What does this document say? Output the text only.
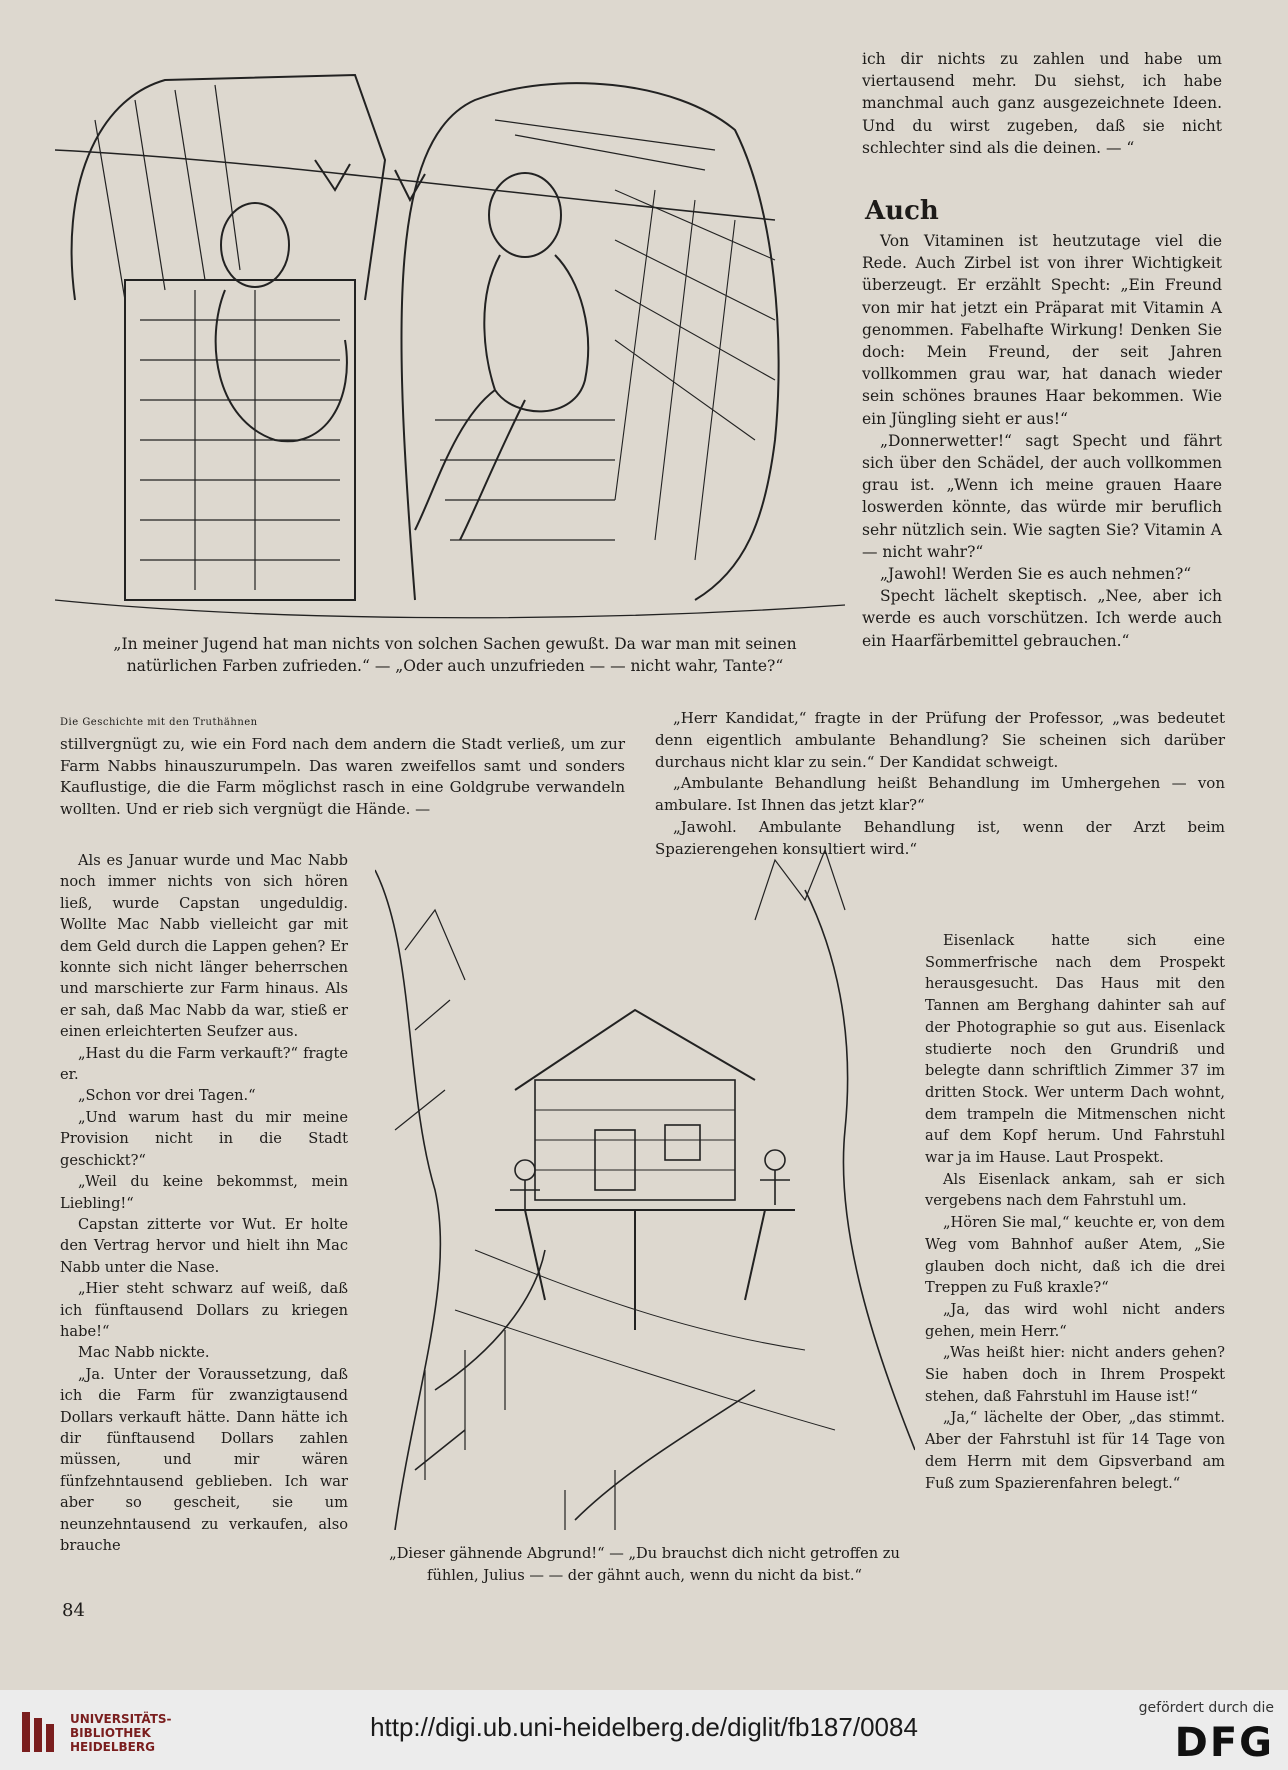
„In meiner Jugend hat man nichts von solchen Sachen gewußt. Da war man mit seinen natürlichen Farben zufrieden.“ — „Oder auch unzufrieden — — nicht wahr, Tante?“

ich dir nichts zu zahlen und habe um viertausend mehr. Du siehst, ich habe manchmal auch ganz ausgezeichnete Ideen. Und du wirst zugeben, daß sie nicht schlechter sind als die deinen. — “

Auch

Von Vitaminen ist heutzutage viel die Rede. Auch Zirbel ist von ihrer Wichtigkeit überzeugt. Er erzählt Specht: „Ein Freund von mir hat jetzt ein Präparat mit Vitamin A genommen. Fabelhafte Wirkung! Denken Sie doch: Mein Freund, der seit Jahren vollkommen grau war, hat danach wieder sein schönes braunes Haar bekommen. Wie ein Jüngling sieht er aus!“

„Donnerwetter!“ sagt Specht und fährt sich über den Schädel, der auch vollkommen grau ist. „Wenn ich meine grauen Haare loswerden könnte, das würde mir beruflich sehr nützlich sein. Wie sagten Sie? Vitamin A — nicht wahr?“

„Jawohl! Werden Sie es auch nehmen?“

Specht lächelt skeptisch. „Nee, aber ich werde es auch vorschützen. Ich werde auch ein Haarfärbemittel gebrauchen.“

Die Geschichte mit den Truthähnen

stillvergnügt zu, wie ein Ford nach dem andern die Stadt verließ, um zur Farm Nabbs hinauszurumpeln. Das waren zweifellos samt und sonders Kauflustige, die die Farm möglichst rasch in eine Goldgrube verwandeln wollten. Und er rieb sich vergnügt die Hände. —

Als es Januar wurde und Mac Nabb noch immer nichts von sich hören ließ, wurde Capstan ungeduldig. Wollte Mac Nabb vielleicht gar mit dem Geld durch die Lappen gehen? Er konnte sich nicht länger beherrschen und marschierte zur Farm hinaus. Als er sah, daß Mac Nabb da war, stieß er einen erleichterten Seufzer aus.

„Hast du die Farm verkauft?“ fragte er.

„Schon vor drei Tagen.“

„Und warum hast du mir meine Provision nicht in die Stadt geschickt?“

„Weil du keine bekommst, mein Liebling!“

Capstan zitterte vor Wut. Er holte den Vertrag hervor und hielt ihn Mac Nabb unter die Nase.

„Hier steht schwarz auf weiß, daß ich fünftausend Dollars zu kriegen habe!“

Mac Nabb nickte.

„Ja. Unter der Voraussetzung, daß ich die Farm für zwanzigtausend Dollars verkauft hätte. Dann hätte ich dir fünftausend Dollars zahlen müssen, und mir wären fünfzehntausend geblieben. Ich war aber so gescheit, sie um neunzehntausend zu verkaufen, also brauche

„Herr Kandidat,“ fragte in der Prüfung der Professor, „was bedeutet denn eigentlich ambulante Behandlung? Sie scheinen sich darüber durchaus nicht klar zu sein.“ Der Kandidat schweigt.

„Ambulante Behandlung heißt Behandlung im Umhergehen — von ambulare. Ist Ihnen das jetzt klar?“

„Jawohl. Ambulante Behandlung ist, wenn der Arzt beim Spazierengehen konsultiert wird.“

„Dieser gähnende Abgrund!“ — „Du brauchst dich nicht getroffen zu fühlen, Julius — — der gähnt auch, wenn du nicht da bist.“

Eisenlack hatte sich eine Sommerfrische nach dem Prospekt herausgesucht. Das Haus mit den Tannen am Berghang dahinter sah auf der Photographie so gut aus. Eisenlack studierte noch den Grundriß und belegte dann schriftlich Zimmer 37 im dritten Stock. Wer unterm Dach wohnt, dem trampeln die Mitmenschen nicht auf dem Kopf herum. Und Fahrstuhl war ja im Hause. Laut Prospekt.

Als Eisenlack ankam, sah er sich vergebens nach dem Fahrstuhl um.

„Hören Sie mal,“ keuchte er, von dem Weg vom Bahnhof außer Atem, „Sie glauben doch nicht, daß ich die drei Treppen zu Fuß kraxle?“

„Ja, das wird wohl nicht anders gehen, mein Herr.“

„Was heißt hier: nicht anders gehen? Sie haben doch in Ihrem Prospekt stehen, daß Fahrstuhl im Hause ist!“

„Ja,“ lächelte der Ober, „das stimmt. Aber der Fahrstuhl ist für 14 Tage von dem Herrn mit dem Gipsverband am Fuß zum Spazierenfahren belegt.“

84
UNIVERSITÄTS-
BIBLIOTHEK
HEIDELBERG
http://digi.ub.uni-heidelberg.de/diglit/fb187/0084
gefördert durch die
DFG
